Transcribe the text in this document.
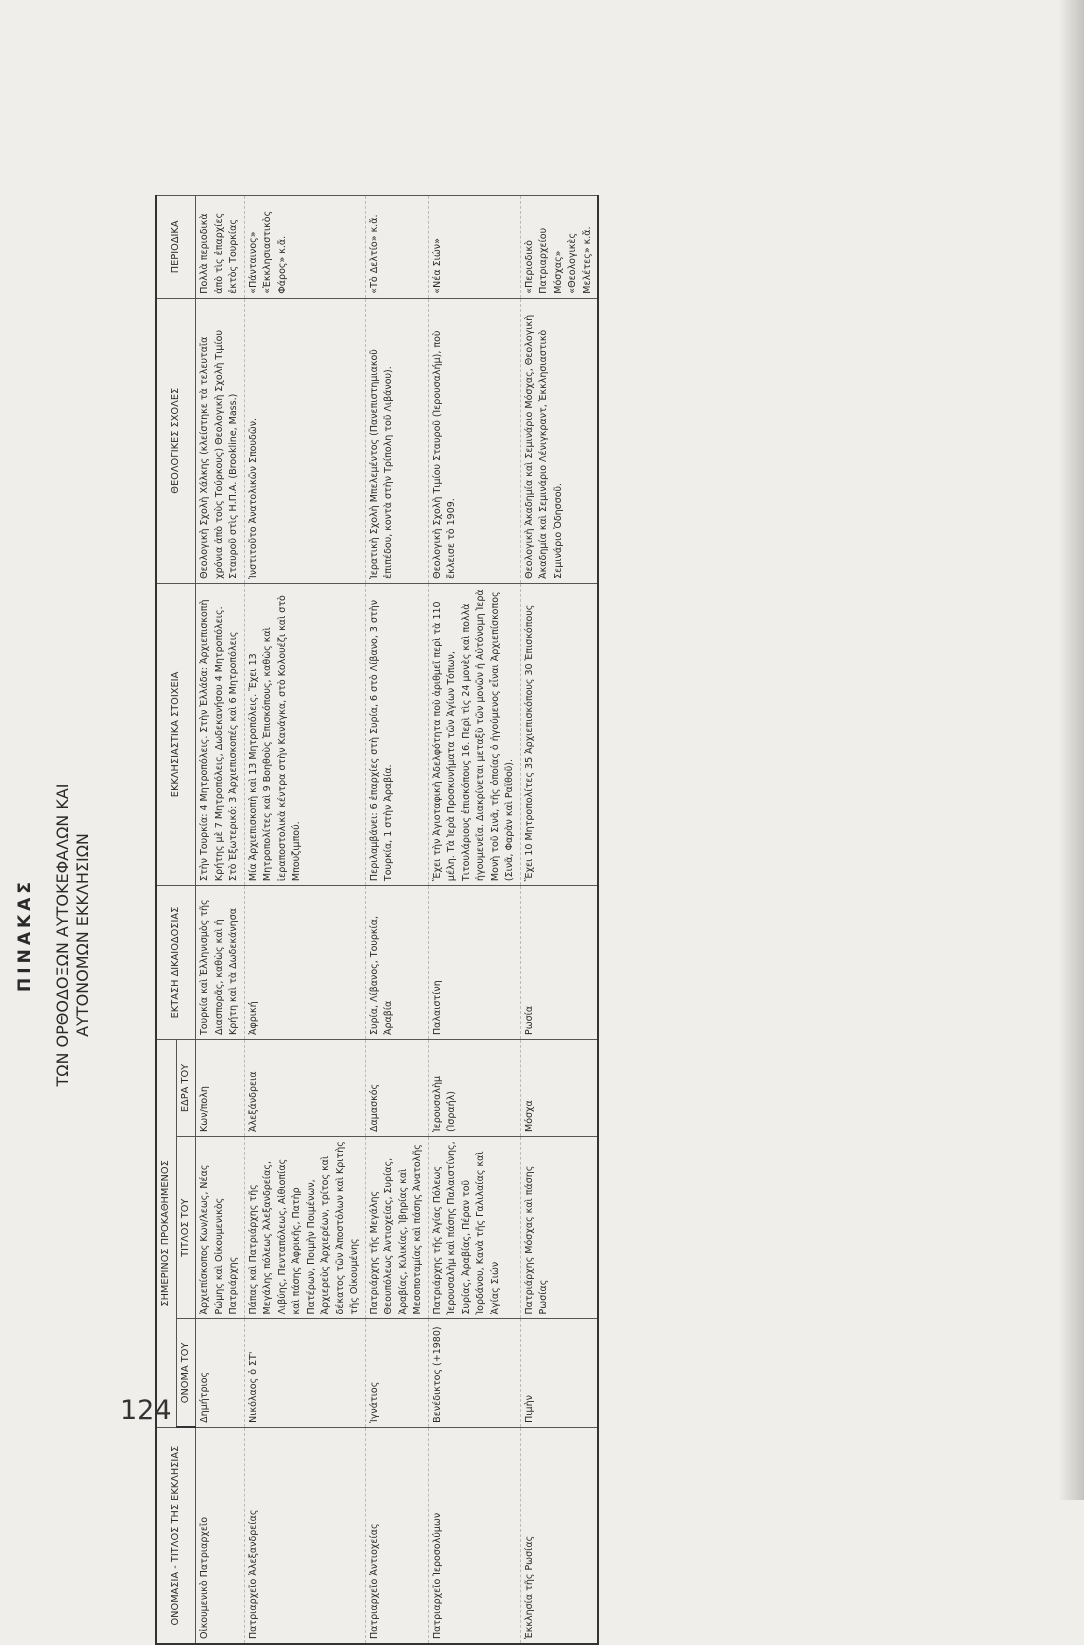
124
ΠΙΝΑΚΑΣ ΤΩΝ ΟΡΘΟΔΟΞΩΝ ΑΥΤΟΚΕΦΑΛΩΝ ΚΑΙ ΑΥΤΟΝΟΜΩΝ ΕΚΚΛΗΣΙΩΝ
ΟΝΟΜΑΣΙΑ - ΤΙΤΛΟΣ ΤΗΣ ΕΚΚΛΗΣΙΑΣ	ΣΗΜΕΡΙΝΟΣ ΠΡΟΚΑΘΗΜΕΝΟΣ			ΕΚΤΑΣΗ ΔΙΚΑΙΟΔΟΣΙΑΣ	ΕΚΚΛΗΣΙΑΣΤΙΚΑ ΣΤΟΙΧΕΙΑ	ΘΕΟΛΟΓΙΚΕΣ ΣΧΟΛΕΣ	ΠΕΡΙΟΔΙΚΑ
	ΟΝΟΜΑ ΤΟΥ	ΤΙΤΛΟΣ ΤΟΥ	ΕΔΡΑ ΤΟΥ				
Οἰκουμενικὸ Πατριαρχεῖο	Δημήτριος	Ἀρχιεπίσκοπος Κων/λεως, Νέας Ρώμης καὶ Οἰκουμενικὸς Πατριάρχης	Κων/πολη	Τουρκία καὶ Ἑλληνισμὸς τῆς Διασπορᾶς, καθὼς καὶ ἡ Κρήτη καὶ τὰ Δωδεκάνησα	Στὴν Τουρκία: 4 Μητροπόλεις. Στὴν Ἑλλάδα: Ἀρχιεπισκοπὴ Κρήτης μὲ 7 Μητροπόλεις, Δωδεκανήσου 4 Μητροπόλεις. Στὸ Ἐξωτερικό: 3 Ἀρχιεπισκοπές καὶ 6 Μητροπόλεις	Θεολογικὴ Σχολὴ Χάλκης (κλείστηκε τὰ τελευταῖα χρόνια ἀπὸ τοὺς Τούρκους) Θεολογικὴ Σχολὴ Τιμίου Σταυροῦ στὶς Η.Π.Α. (Brookline, Mass.)	Πολλὰ περιοδικὰ ἀπὸ τὶς ἐπαρχίες ἐκτὸς Τουρκίας
Πατριαρχεῖο Ἀλεξανδρείας	Νικόλαος ὁ ΣΤ'	Πάπας καὶ Πατριάρχης τῆς Μεγάλης πόλεως Ἀλεξανδρείας, Λιβύης, Πενταπόλεως, Αἰθιοπίας καὶ πάσης Ἀφρικῆς, Πατὴρ Πατέρων, Ποιμὴν Ποιμένων, Ἀρχιερεὺς Ἀρχιερέων, τρίτος καὶ δέκατος τῶν Ἀποστόλων καὶ Κριτὴς τῆς Οἰκουμένης	Ἀλεξάνδρεια	Ἀφρική	Μία Ἀρχιεπισκοπὴ καὶ 13 Μητροπόλεις. Ἔχει 13 Μητροπολίτες καὶ 9 Βοηθοὺς Ἐπισκόπους, καθὼς καὶ ἱεραποστολικὰ κέντρα στὴν Κανάγκα, στὸ Κολουέζι καὶ στὸ Μπουζιμπού.	Ἰνστιτοῦτο Ἀνατολικῶν Σπουδῶν.	«Πάνταινος» «Ἐκκλησιαστικὸς Φάρος» κ.ἄ.
Πατριαρχεῖο Ἀντιοχείας	Ἰγνάτιος	Πατριάρχης τῆς Μεγάλης Θεουπόλεως Ἀντιοχείας, Συρίας, Ἀραβίας, Κιλικίας, Ἰβηρίας καὶ Μεσοποταμίας καὶ πάσης Ἀνατολῆς	Δαμασκός	Συρία, Λίβανος, Τουρκία, Ἀραβία	Περιλαμβάνει: 6 ἐπαρχίες στὴ Συρία, 6 στὸ Λίβανο, 3 στὴν Τουρκία, 1 στὴν Ἀραβία.	Ἱερατικὴ Σχολὴ Μπελεμέντος (Πανεπιστημιακοῦ ἐπιπέδου, κοντὰ στὴν Τρίπολη τοῦ Λιβάνου).	«Τὸ Δελτίο» κ.ἄ.
Πατριαρχεῖο Ἱεροσολύμων	Βενέδικτος (+1980)	Πατριάρχης τῆς Ἁγίας Πόλεως Ἱερουσαλὴμ καὶ πάσης Παλαιστίνης, Συρίας, Ἀραβίας, Πέραν τοῦ Ἰορδάνου, Κανὰ τῆς Γαλιλαίας καὶ Ἁγίας Σιών	Ἱερουσαλὴμ (Ἰσραήλ)	Παλαιστίνη	Ἔχει τὴν Ἀγιοταφικὴ Ἀδελφότητα ποὺ ἀριθμεῖ περὶ τὰ 110 μέλη. Τὰ Ἱερὰ Προσκυνήματα τῶν Ἁγίων Τόπων, Τιτουλάριους ἐπισκόπους 16. Περὶ τὶς 24 μονὲς καὶ πολλὰ ἡγουμενεῖα. Διακρίνεται μεταξὺ τῶν μονῶν ἡ Αὐτόνομη Ἱερὰ Μονὴ τοῦ Σινᾶ, τῆς ὁποίας ὁ ἡγούμενος εἶναι Ἀρχιεπίσκοπος (Σινᾶ, Φαρὰν καὶ Ραϊθοῦ).	Θεολογικὴ Σχολὴ Τιμίου Σταυροῦ (Ἱερουσαλήμ), ποὺ ἔκλεισε τὸ 1909.	«Νέα Σιών»
Ἐκκλησία τῆς Ρωσίας	Πιμὴν	Πατριάρχης Μόσχας καὶ πάσης Ρωσίας	Μόσχα	Ρωσία	Ἔχει 10 Μητροπολίτες 35 Ἀρχιεπισκόπους 30 Ἐπισκόπους	Θεολογικὴ Ἀκαδημία καὶ Σεμινάριο Μόσχας, Θεολογικὴ Ἀκαδημία καὶ Σεμινάριο Λένιγκραντ, Ἐκκλησιαστικὸ Σεμινάριο Ὀδησσοῦ.	«Περιοδικὸ Πατριαρχείου Μόσχας» «Θεολογικὲς Μελέτες» κ.ἄ.
